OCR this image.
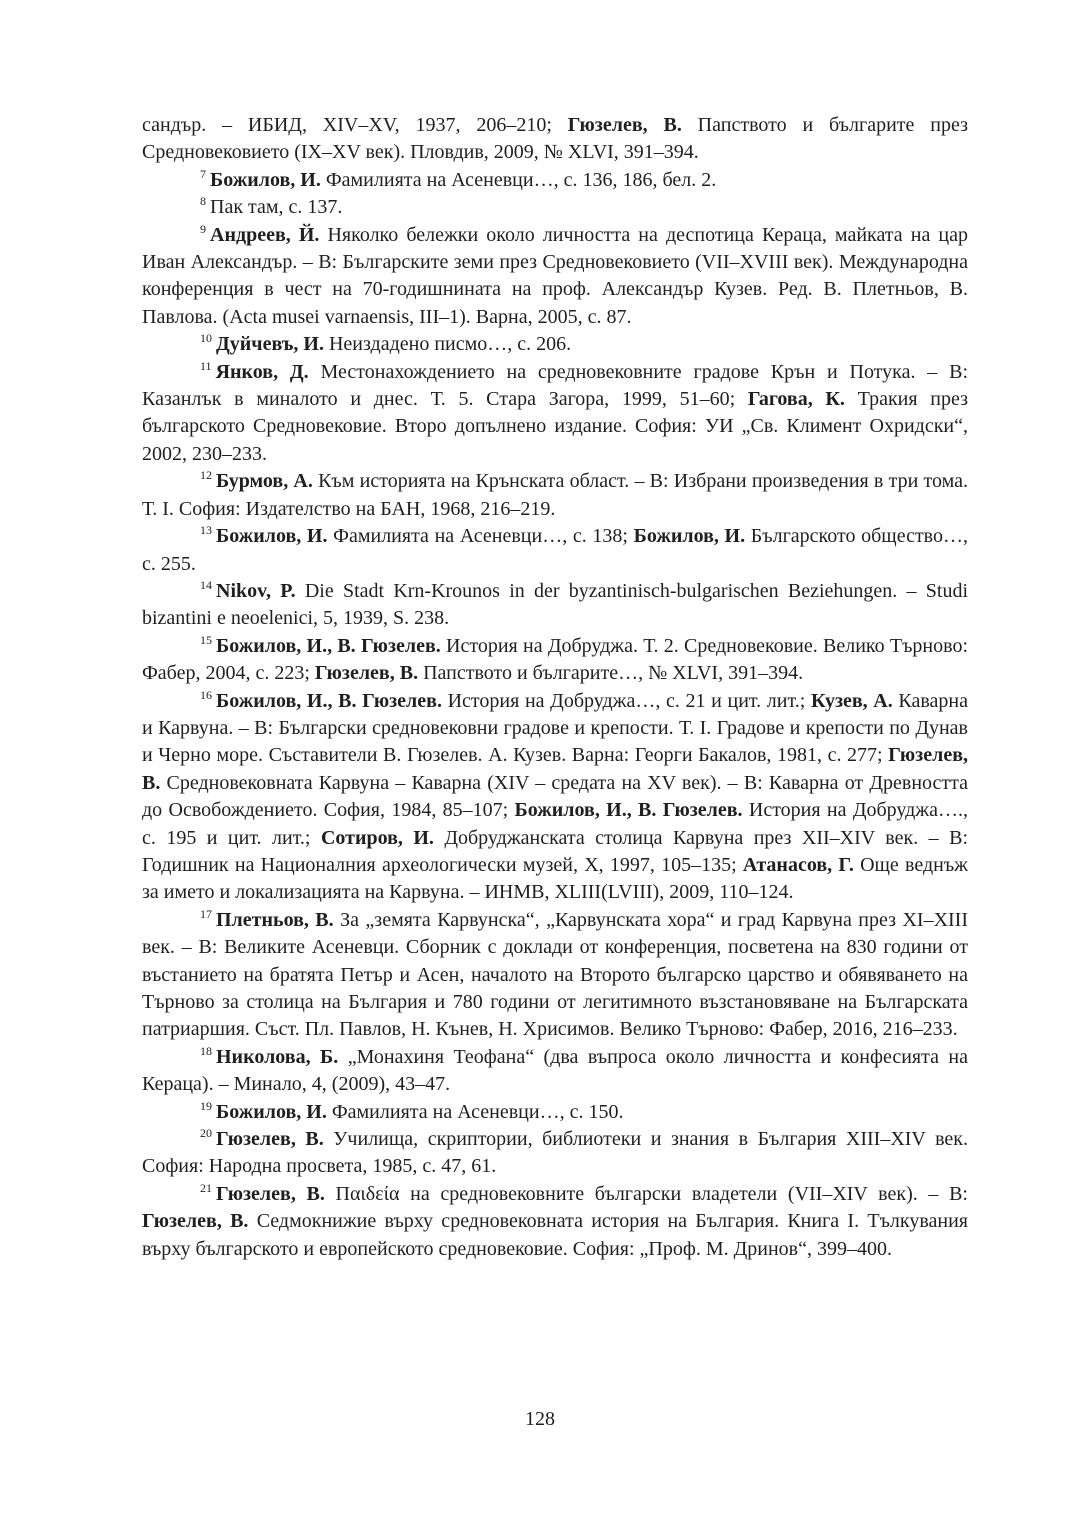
сандър. – ИБИД, XIV–XV, 1937, 206–210; Гюзелев, В. Папството и българите през Средновековието (IX–XV век). Пловдив, 2009, № XLVI, 391–394.

$^7$ Божилов, И. Фамилията на Асеневци…, с. 136, 186, бел. 2.

$^8$ Пак там, с. 137.

$^9$ Андреев, Й. Няколко бележки около личността на деспотица Кераца, майката на цар Иван Александър. – В: Българските земи през Средновековието (VII–XVIII век). Международна конференция в чест на 70-годишнината на проф. Александър Кузев. Ред. В. Плетньов, В. Павлова. (Acta musei varnaensis, III–1). Варна, 2005, с. 87.

$^{10}$ Дуйчевъ, И. Неиздадено писмо…, с. 206.

$^{11}$ Янков, Д. Местонахождението на средновековните градове Крън и Потука. – В: Казанлък в миналото и днес. Т. 5. Стара Загора, 1999, 51–60; Гагова, К. Тракия през българското Средновековие. Второ допълнено издание. София: УИ „Св. Климент Охридски“, 2002, 230–233.

$^{12}$ Бурмов, А. Към историята на Крънската област. – В: Избрани произведения в три тома. Т. I. София: Издателство на БАН, 1968, 216–219.

$^{13}$ Божилов, И. Фамилията на Асеневци…, с. 138; Божилов, И. Българското общество…, с. 255.

$^{14}$ Nikov, P. Die Stadt Krn-Krounos in der byzantinisch-bulgarischen Beziehungen. – Studi bizantini e neoelenici, 5, 1939, S. 238.

$^{15}$ Божилов, И., В. Гюзелев. История на Добруджа. Т. 2. Средновековие. Велико Търново: Фабер, 2004, с. 223; Гюзелев, В. Папството и българите…, № XLVI, 391–394.

$^{16}$ Божилов, И., В. Гюзелев. История на Добруджа…, с. 21 и цит. лит.; Кузев, А. Каварна и Карвуна. – В: Български средновековни градове и крепости. Т. I. Градове и крепости по Дунав и Черно море. Съставители В. Гюзелев. А. Кузев. Варна: Георги Бакалов, 1981, с. 277; Гюзелев, В. Средновековната Карвуна – Каварна (XIV – средата на XV век). – В: Каварна от Древността до Освобождението. София, 1984, 85–107; Божилов, И., В. Гюзелев. История на Добруджа…., с. 195 и цит. лит.; Сотиров, И. Добруджанската столица Карвуна през XII–XIV век. – В: Годишник на Националния археологически музей, X, 1997, 105–135; Атанасов, Г. Още веднъж за името и локализацията на Карвуна. – ИНМВ, XLIII(LVIII), 2009, 110–124.

$^{17}$ Плетньов, В. За „земята Карвунска“, „Карвунската хора“ и град Карвуна през XI–XIII век. – В: Великите Асеневци. Сборник с доклади от конференция, посветена на 830 години от въстанието на братята Петър и Асен, началото на Второто българско царство и обявяването на Търново за столица на България и 780 години от легитимното възстановяване на Българската патриаршия. Съст. Пл. Павлов, Н. Кънев, Н. Хрисимов. Велико Търново: Фабер, 2016, 216–233.

$^{18}$ Николова, Б. „Монахиня Теофана“ (два въпроса около личността и конфесията на Кераца). – Минало, 4, (2009), 43–47.

$^{19}$ Божилов, И. Фамилията на Асеневци…, с. 150.

$^{20}$ Гюзелев, В. Училища, скриптории, библиотеки и знания в България XIII–XIV век. София: Народна просвета, 1985, с. 47, 61.

$^{21}$ Гюзелев, В. Παιδεία на средновековните български владетели (VII–XIV век). – В: Гюзелев, В. Седмокнижие върху средновековната история на България. Книга I. Тълкувания върху българското и европейското средновековие. София: „Проф. М. Дринов“, 399–400.

128
